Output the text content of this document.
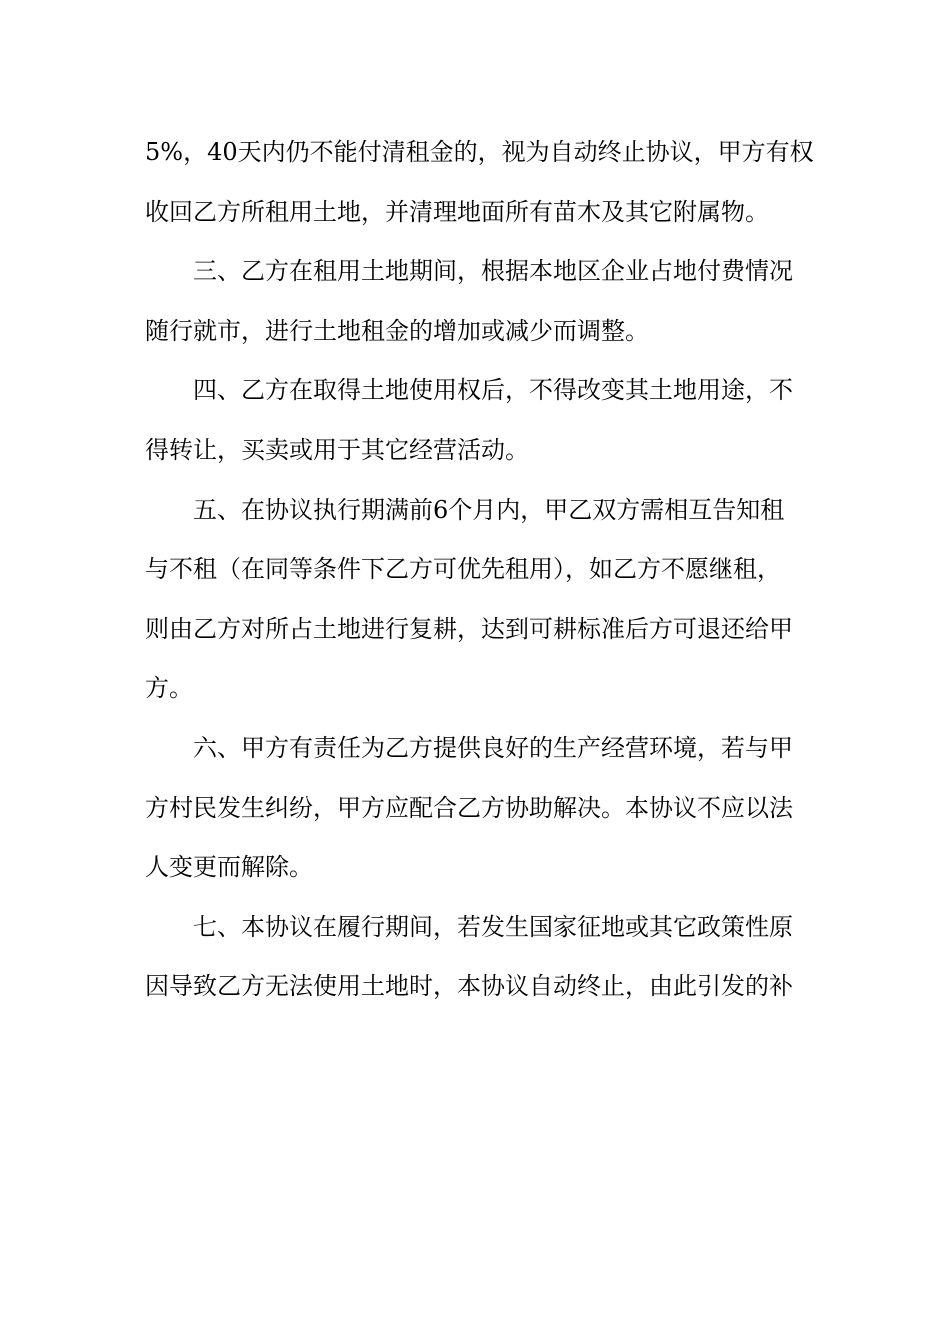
5%，40天内仍不能付清租金的，视为自动终止协议，甲方有权
收回乙方所租用土地，并清理地面所有苗木及其它附属物。
三、乙方在租用土地期间，根据本地区企业占地付费情况
随行就市，进行土地租金的增加或减少而调整。
四、乙方在取得土地使用权后，不得改变其土地用途，不
得转让，买卖或用于其它经营活动。
五、在协议执行期满前6个月内，甲乙双方需相互告知租
与不租（在同等条件下乙方可优先租用），如乙方不愿继租，
则由乙方对所占土地进行复耕，达到可耕标准后方可退还给甲
方。
六、甲方有责任为乙方提供良好的生产经营环境，若与甲
方村民发生纠纷，甲方应配合乙方协助解决。本协议不应以法
人变更而解除。
七、本协议在履行期间，若发生国家征地或其它政策性原
因导致乙方无法使用土地时，本协议自动终止，由此引发的补
